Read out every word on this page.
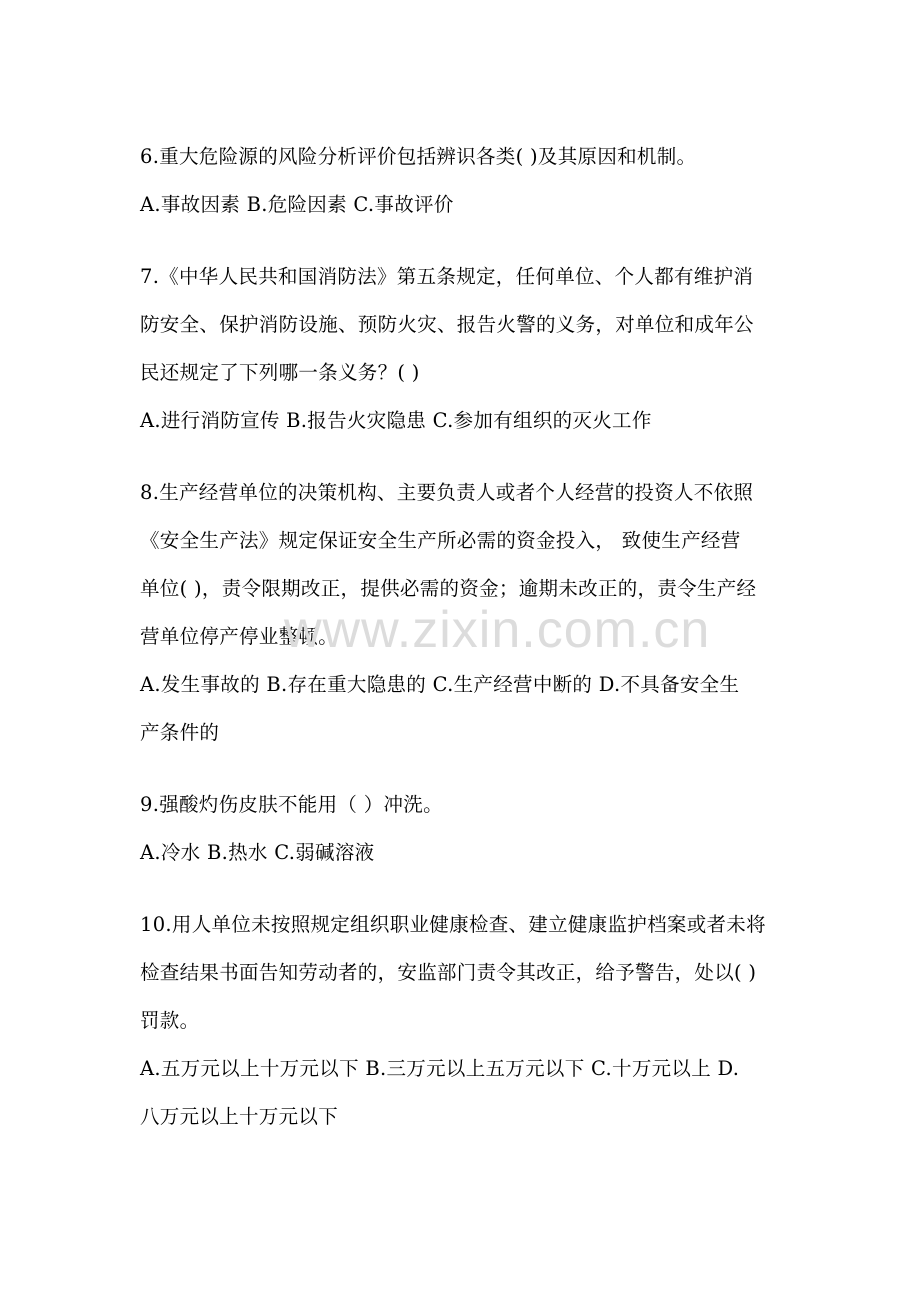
6.重大危险源的风险分析评价包括辨识各类( )及其原因和机制。
A.事故因素 B.危险因素 C.事故评价
7.《中华人民共和国消防法》第五条规定，任何单位、个人都有维护消
防安全、保护消防设施、预防火灾、报告火警的义务，对单位和成年公
民还规定了下列哪一条义务？( )
A.进行消防宣传 B.报告火灾隐患 C.参加有组织的灭火工作
8.生产经营单位的决策机构、主要负责人或者个人经营的投资人不依照
《安全生产法》规定保证安全生产所必需的资金投入， 致使生产经营
单位( )，责令限期改正，提供必需的资金；逾期未改正的，责令生产经
营单位停产停业整顿。
A.发生事故的 B.存在重大隐患的 C.生产经营中断的 D.不具备安全生
产条件的
9.强酸灼伤皮肤不能用（ ）冲洗。
A.冷水 B.热水 C.弱碱溶液
10.用人单位未按照规定组织职业健康检查、建立健康监护档案或者未将
检查结果书面告知劳动者的，安监部门责令其改正，给予警告，处以( )
罚款。
A.五万元以上十万元以下 B.三万元以上五万元以下 C.十万元以上 D.
八万元以上十万元以下
www.zixin.com.cn
